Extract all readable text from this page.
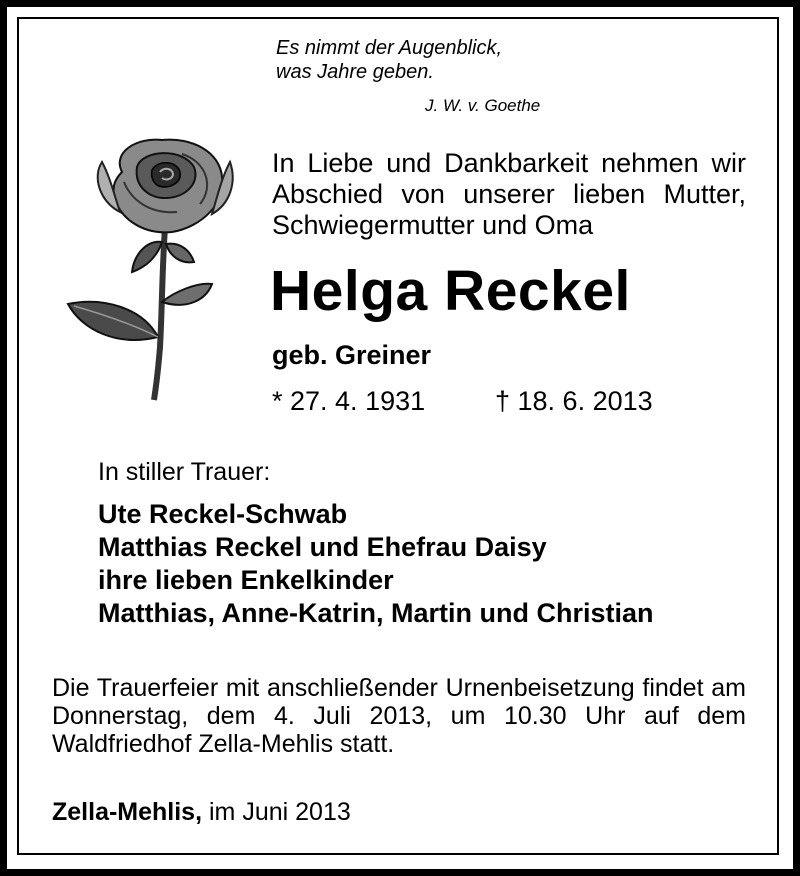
Es nimmt der Augenblick,
was Jahre geben.
J. W. v. Goethe
In Liebe und Dankbarkeit nehmen wir Abschied von unserer lieben Mutter, Schwiegermutter und Oma
Helga Reckel
geb. Greiner
* 27. 4. 1931	† 18. 6. 2013
In stiller Trauer:
Ute Reckel-Schwab
Matthias Reckel und Ehefrau Daisy
ihre lieben Enkelkinder
Matthias, Anne-Katrin, Martin und Christian
Die Trauerfeier mit anschließender Urnenbeisetzung findet am Donnerstag, dem 4. Juli 2013, um 10.30 Uhr auf dem Waldfriedhof Zella-Mehlis statt.
Zella-Mehlis, im Juni 2013
